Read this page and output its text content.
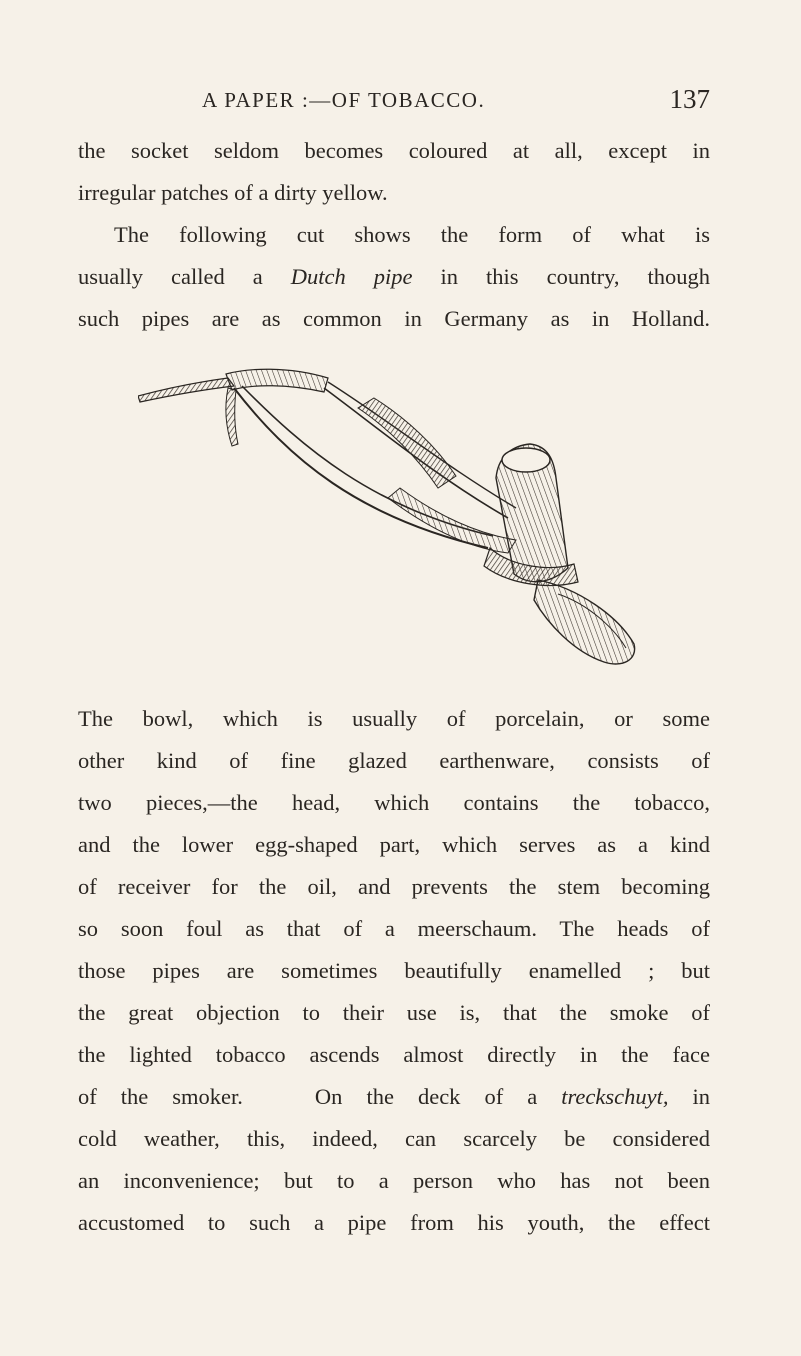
A PAPER :—OF TOBACCO.	137

the socket seldom becomes coloured at all, except in
irregular patches of a dirty yellow.

The following cut shows the form of what is
usually called a Dutch pipe in this country, though
such pipes are as common in Germany as in Holland.

The bowl, which is usually of porcelain, or some
other kind of fine glazed earthenware, consists of
two pieces,—the head, which contains the tobacco,
and the lower egg-shaped part, which serves as a kind
of receiver for the oil, and prevents the stem becoming
so soon foul as that of a meerschaum. The heads of
those pipes are sometimes beautifully enamelled ; but
the great objection to their use is, that the smoke of
the lighted tobacco ascends almost directly in the face
of the smoker.   On the deck of a treckschuyt, in
cold weather, this, indeed, can scarcely be considered
an inconvenience; but to a person who has not been
accustomed to such a pipe from his youth, the effect
